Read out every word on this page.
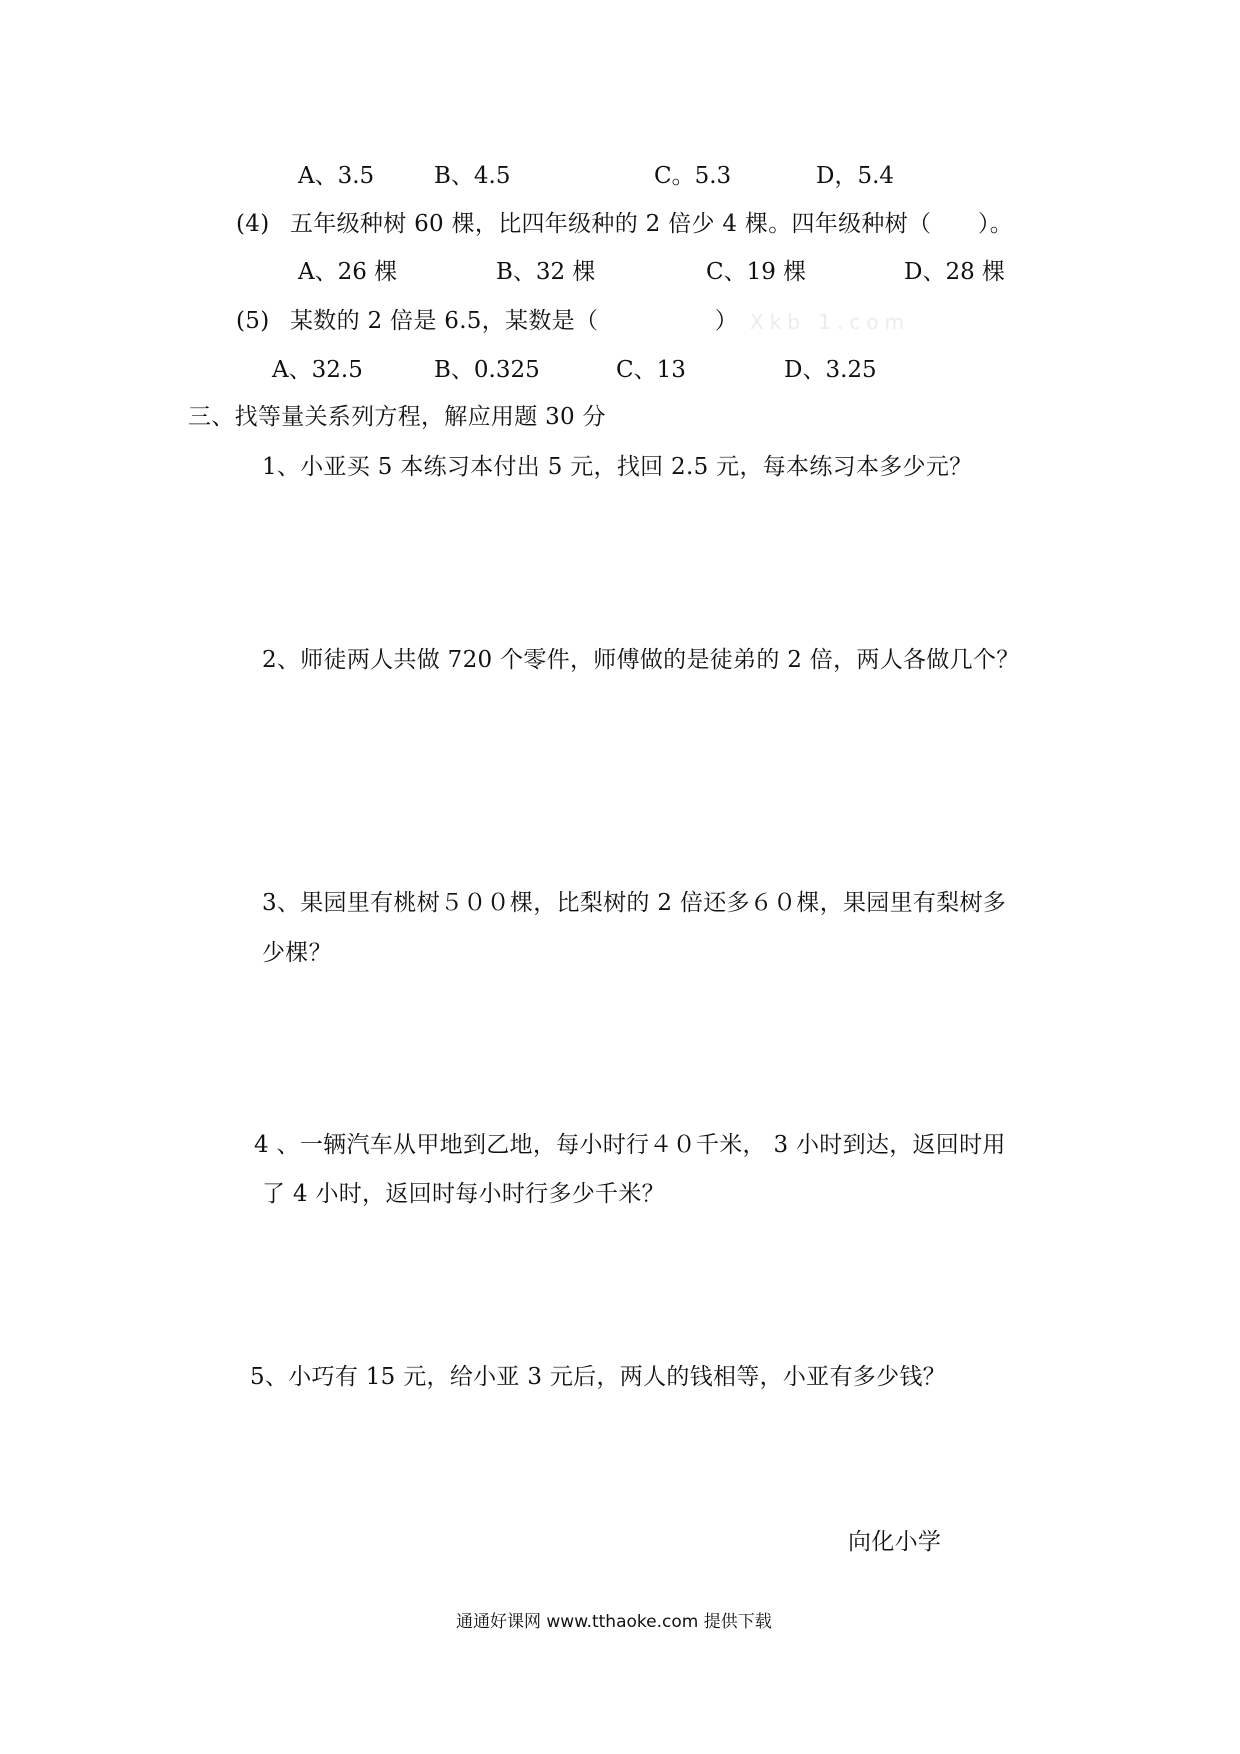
A、3.5	B、4.5	C。5.3	D，5.4
(4) 五年级种树 60 棵，比四年级种的 2 倍少 4 棵。四年级种树（　　）。
A、26 棵	B、32 棵	C、19 棵	D、28 棵
(5) 某数的 2 倍是 6.5，某数是（　　　　　） Xkb 1.com
A、32.5	B、0.325	C、13	D、3.25
三、找等量关系列方程，解应用题 30 分
1、小亚买 5 本练习本付出 5 元，找回 2.5 元，每本练习本多少元？
2、师徒两人共做 720 个零件，师傅做的是徒弟的 2 倍，两人各做几个？
3、果园里有桃树５００棵，比梨树的 2 倍还多６０棵，果园里有梨树多
少棵？
4 、一辆汽车从甲地到乙地，每小时行４０千米， 3 小时到达，返回时用
了 4 小时，返回时每小时行多少千米？
5、小巧有 15 元，给小亚 3 元后，两人的钱相等，小亚有多少钱？
向化小学
通通好课网 www.tthaoke.com 提供下载
